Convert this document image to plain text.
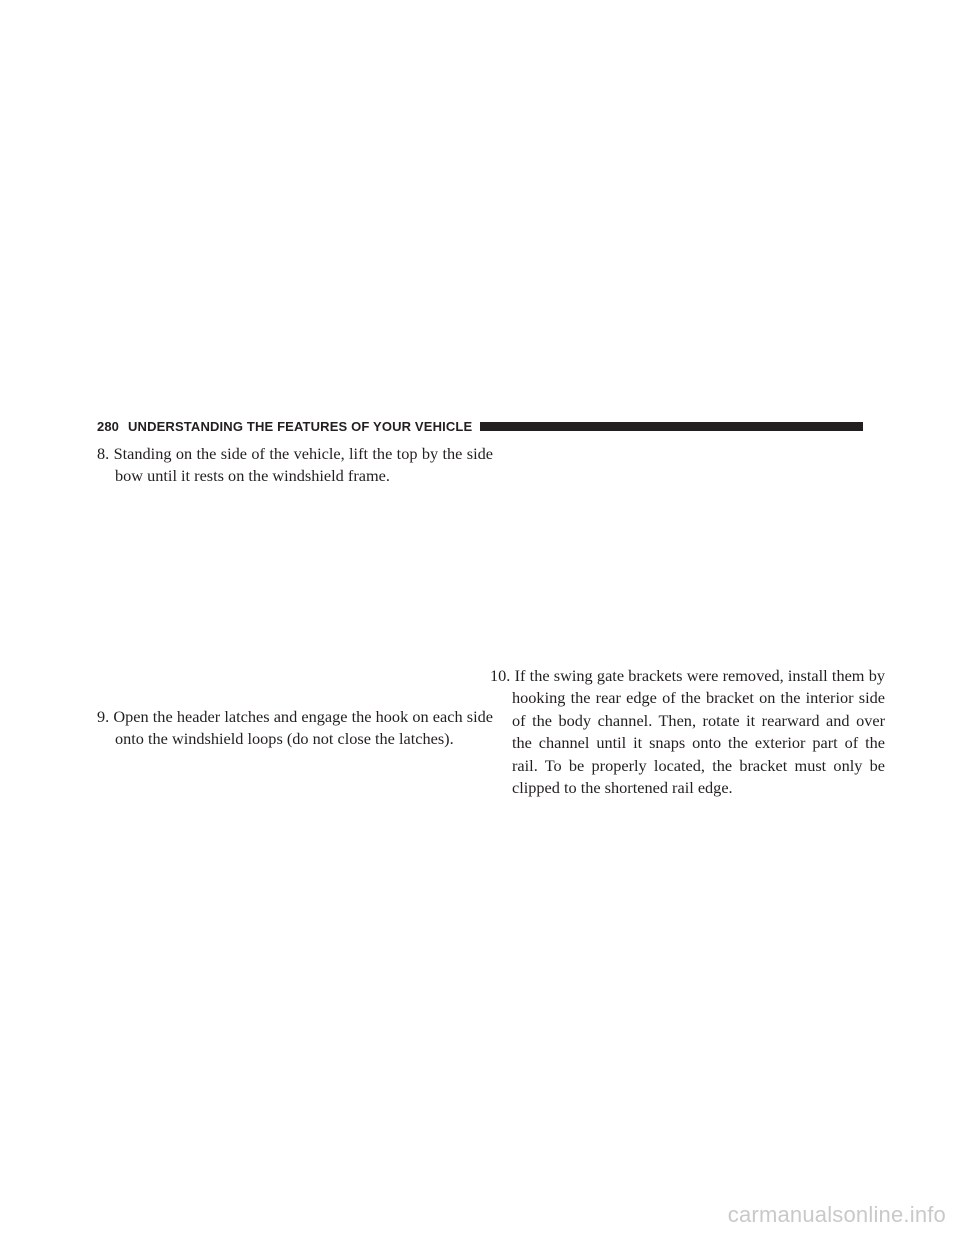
280 UNDERSTANDING THE FEATURES OF YOUR VEHICLE
8. Standing on the side of the vehicle, lift the top by the side bow until it rests on the windshield frame.
9. Open the header latches and engage the hook on each side onto the windshield loops (do not close the latches).
10. If the swing gate brackets were removed, install them by hooking the rear edge of the bracket on the interior side of the body channel. Then, rotate it rearward and over the channel until it snaps onto the exterior part of the rail. To be properly located, the bracket must only be clipped to the shortened rail edge.
carmanualsonline.info
